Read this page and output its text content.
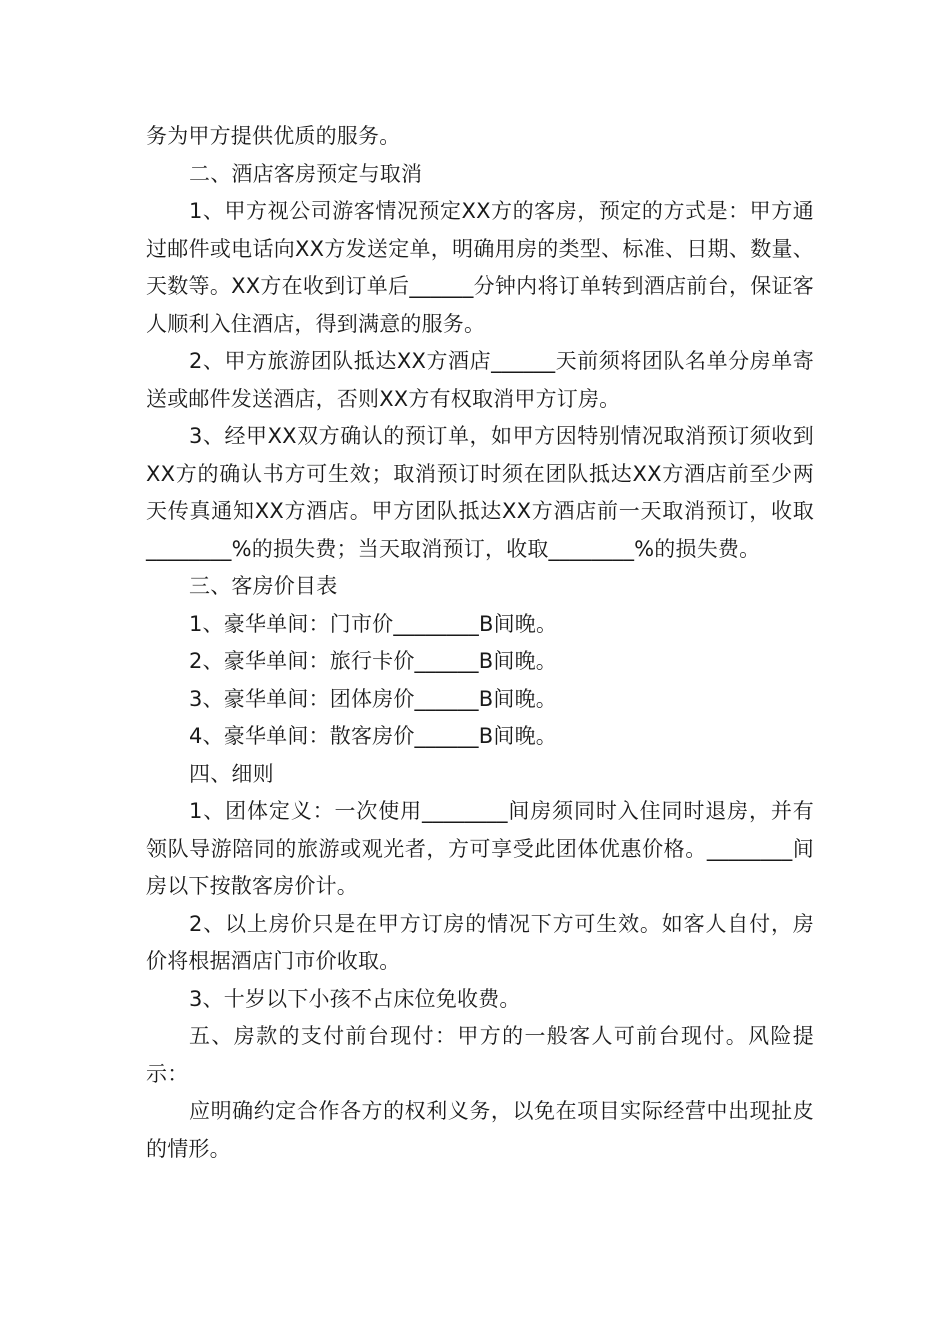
务为甲方提供优质的服务。

二、酒店客房预定与取消

1、甲方视公司游客情况预定XX方的客房，预定的方式是：甲方通过邮件或电话向XX方发送定单，明确用房的类型、标准、日期、数量、天数等。XX方在收到订单后______分钟内将订单转到酒店前台，保证客人顺利入住酒店，得到满意的服务。

2、甲方旅游团队抵达XX方酒店______天前须将团队名单分房单寄送或邮件发送酒店，否则XX方有权取消甲方订房。

3、经甲XX双方确认的预订单，如甲方因特别情况取消预订须收到XX方的确认书方可生效；取消预订时须在团队抵达XX方酒店前至少两天传真通知XX方酒店。甲方团队抵达XX方酒店前一天取消预订，收取________%的损失费；当天取消预订，收取________%的损失费。

三、客房价目表

1、豪华单间：门市价________B间晚。

2、豪华单间：旅行卡价______B间晚。

3、豪华单间：团体房价______B间晚。

4、豪华单间：散客房价______B间晚。

四、细则

1、团体定义：一次使用________间房须同时入住同时退房，并有领队导游陪同的旅游或观光者，方可享受此团体优惠价格。________间房以下按散客房价计。

2、以上房价只是在甲方订房的情况下方可生效。如客人自付，房价将根据酒店门市价收取。

3、十岁以下小孩不占床位免收费。

五、房款的支付前台现付：甲方的一般客人可前台现付。风险提示：

应明确约定合作各方的权利义务，以免在项目实际经营中出现扯皮的情形。
